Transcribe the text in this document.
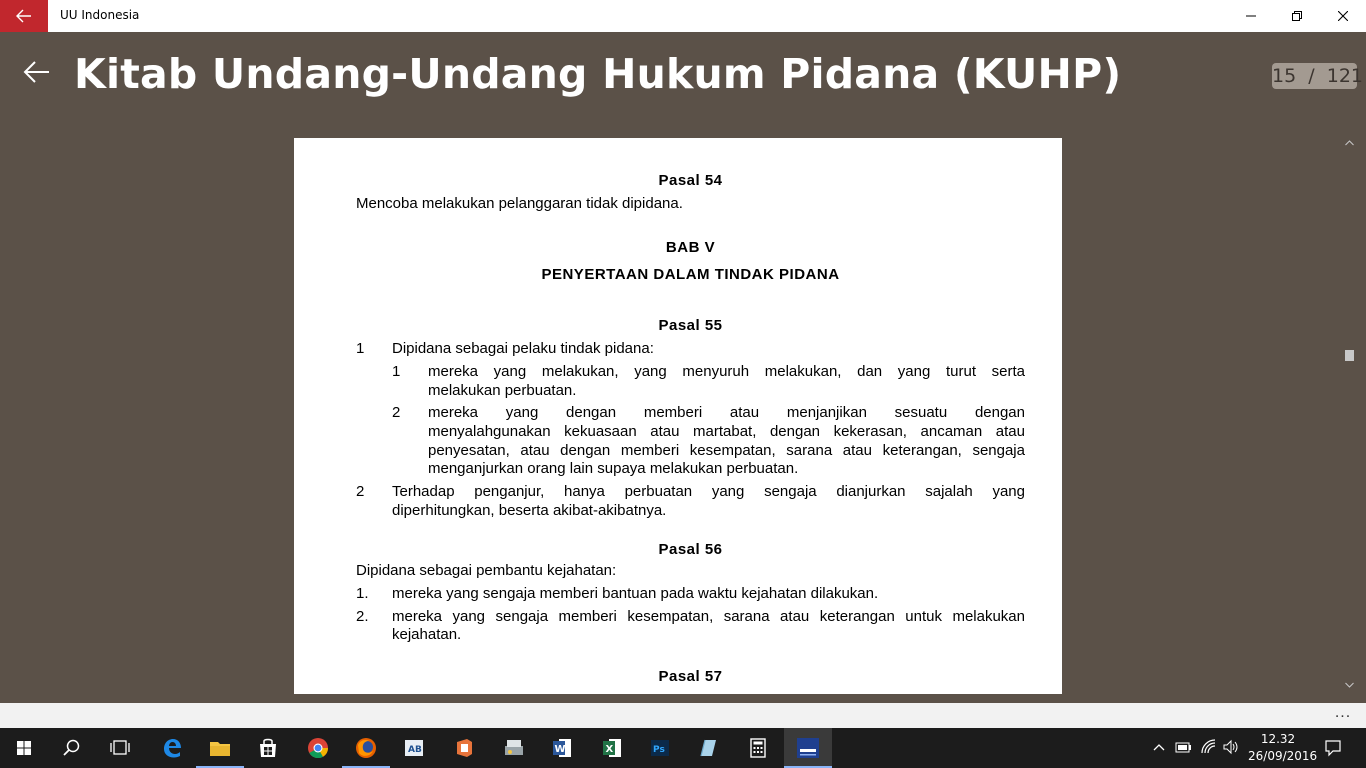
UU Indonesia
Kitab Undang-Undang Hukum Pidana (KUHP)	15  /  121
Pasal 54
Mencoba melakukan pelanggaran tidak dipidana.
BAB V
PENYERTAAN DALAM TINDAK PIDANA
Pasal 55
1 Dipidana sebagai pelaku tindak pidana:
1 mereka yang melakukan, yang menyuruh melakukan, dan yang turut serta
melakukan perbuatan.
2 mereka yang dengan memberi atau menjanjikan sesuatu dengan
menyalahgunakan kekuasaan atau martabat, dengan kekerasan, ancaman atau
penyesatan, atau dengan memberi kesempatan, sarana atau keterangan, sengaja
menganjurkan orang lain supaya melakukan perbuatan.
2 Terhadap penganjur, hanya perbuatan yang sengaja dianjurkan sajalah yang
diperhitungkan, beserta akibat-akibatnya.
Pasal 56
Dipidana sebagai pembantu kejahatan:
1. mereka yang sengaja memberi bantuan pada waktu kejahatan dilakukan.
2. mereka yang sengaja memberi kesempatan, sarana atau keterangan untuk melakukan
kejahatan.
Pasal 57
...
AB	W	X	Ps
12.32
26/09/2016
